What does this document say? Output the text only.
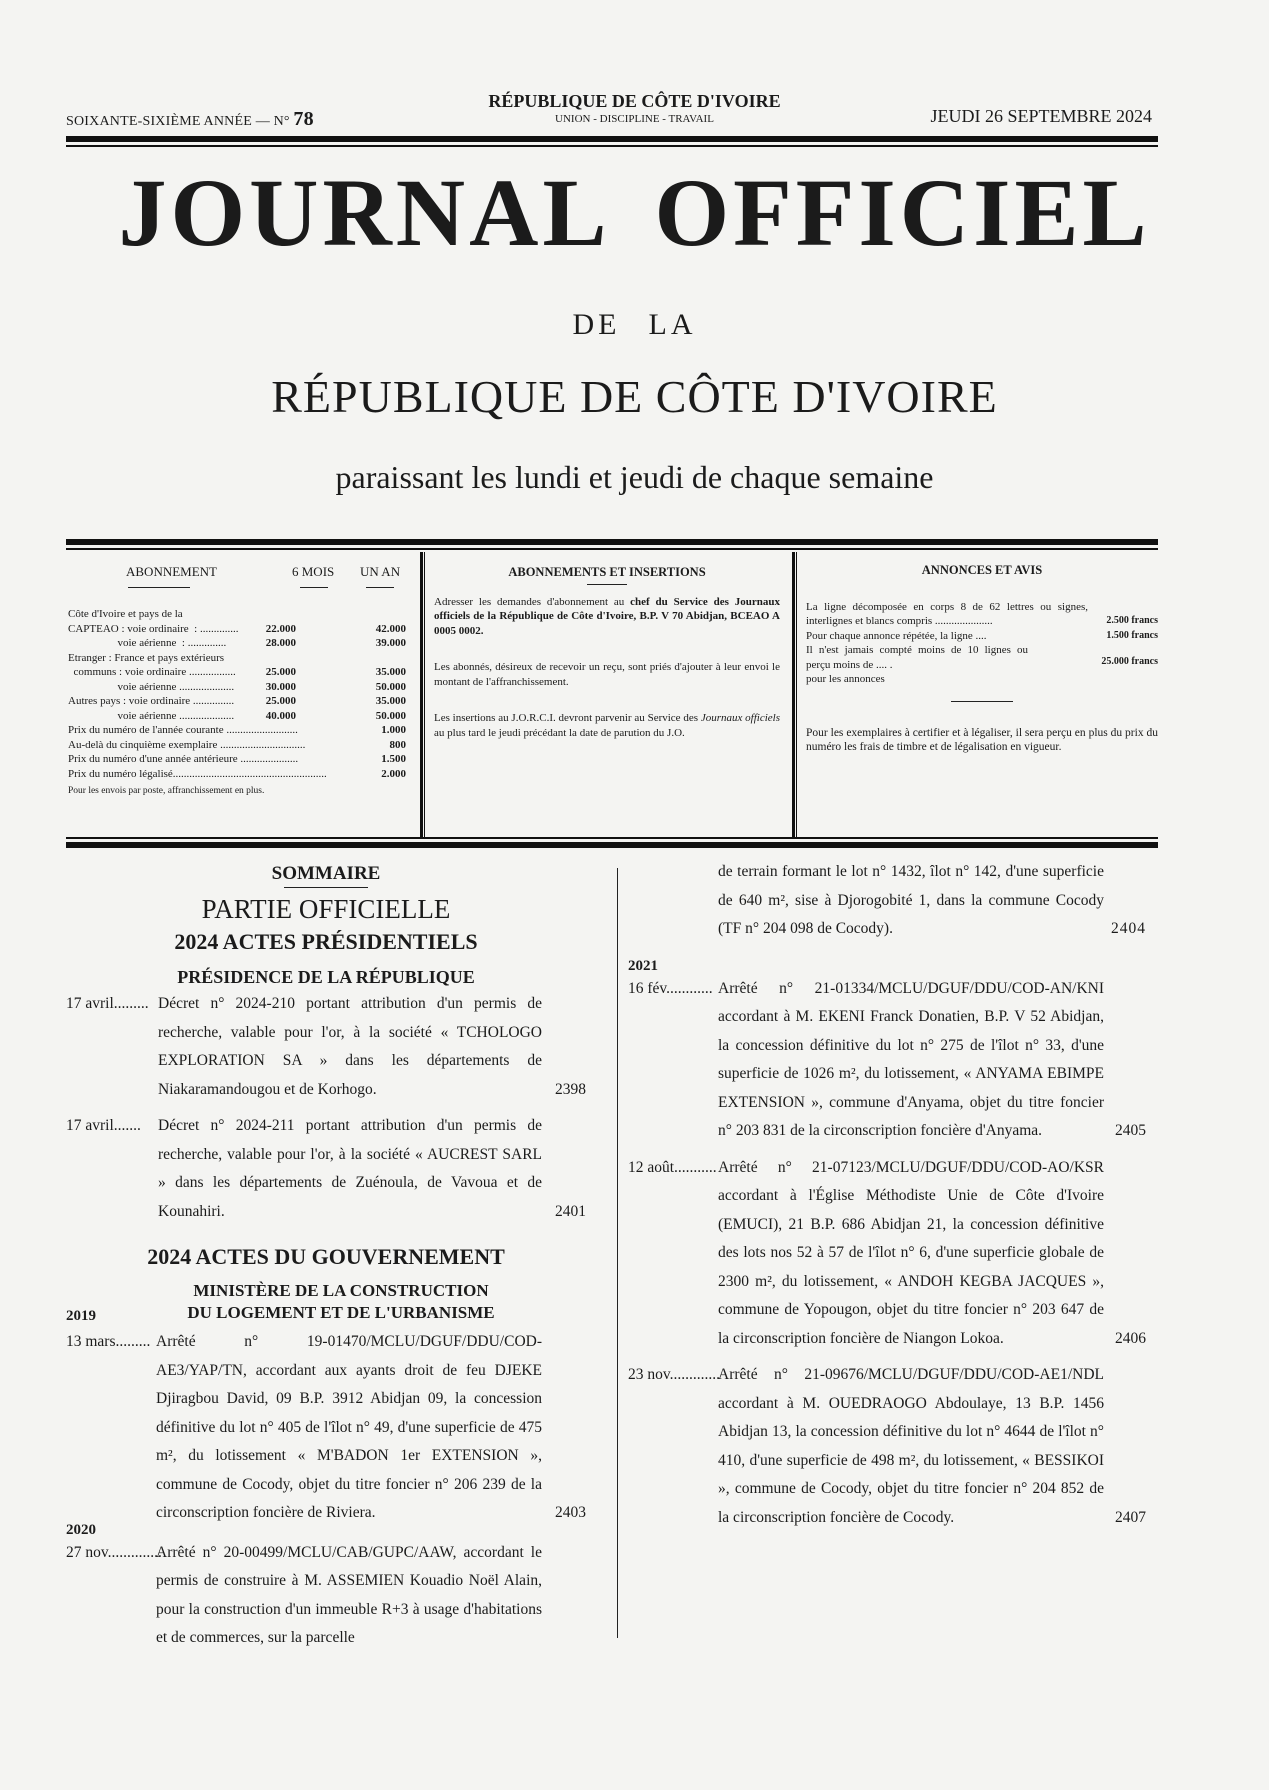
SOIXANTE-SIXIÈME ANNÉE — N° 78
RÉPUBLIQUE DE CÔTE D'IVOIRE
UNION - DISCIPLINE - TRAVAIL	JEUDI 26 SEPTEMBRE 2024
JOURNAL OFFICIEL
DE LA
RÉPUBLIQUE DE CÔTE D'IVOIRE
paraissant les lundi et jeudi de chaque semaine
ABONNEMENT	6 MOIS UN AN
Côte d'Ivoire et pays de la
CAPTEAO : voie ordinaire  : .............. 22.000	42.000
voie aérienne  : ..............	28.000	39.000
Etranger : France et pays extérieurs
communs : voie ordinaire .................	25.000	35.000
voie aérienne ....................	30.000	50.000
Autres pays : voie ordinaire ...............	25.000	35.000
voie aérienne ....................	40.000	50.000
Prix du numéro de l'année courante ..........................	1.000
Au-delà du cinquième exemplaire ...............................	800
Prix du numéro d'une année antérieure .....................	1.500
Prix du numéro légalisé........................................................	2.000
Pour les envois par poste, affranchissement en plus.
ABONNEMENTS ET INSERTIONS
Adresser les demandes d'abonnement au chef du Service des Journaux officiels de la République de Côte d'Ivoire, B.P. V 70 Abidjan, BCEAO A 0005 0002.
Les abonnés, désireux de recevoir un reçu, sont priés d'ajouter à leur envoi le montant de l'affranchissement.
Les insertions au J.O.R.C.I. devront parvenir au Service des Journaux officiels au plus tard le jeudi précédant la date de parution du J.O.
ANNONCES ET AVIS
La ligne décomposée en corps 8 de 62 lettres ou signes, interlignes et blancs compris .....................	2.500 francs
Pour chaque annonce répétée, la ligne ....	1.500 francs
Il n'est jamais compté moins de 10 lignes ou perçu moins de .... .	25.000 francs
pour les annonces
Pour les exemplaires à certifier et à légaliser, il sera perçu en plus du prix du numéro les frais de timbre et de légalisation en vigueur.
SOMMAIRE
PARTIE OFFICIELLE
2024 ACTES PRÉSIDENTIELS
PRÉSIDENCE DE LA RÉPUBLIQUE
17 avril......... Décret n° 2024-210 portant attribution d'un permis de recherche, valable pour l'or, à la société « TCHOLOGO EXPLORATION SA » dans les départements de Niakaramandougou et de Korhogo.	2398
17 avril.......	Décret n° 2024-211 portant attribution d'un permis de recherche, valable pour l'or, à la société « AUCREST SARL » dans les départements de Zuénoula, de Vavoua et de Kounahiri.	2401
2024 ACTES DU GOUVERNEMENT
MINISTÈRE DE LA CONSTRUCTION
DU LOGEMENT ET DE L'URBANISME
2019
13 mars......... Arrêté n° 19-01470/MCLU/DGUF/DDU/COD-AE3/YAP/TN, accordant aux ayants droit de feu DJEKE Djiragbou David, 09 B.P. 3912 Abidjan 09, la concession définitive du lot n° 405 de l'îlot n° 49, d'une superficie de 475 m², du lotissement « M'BADON 1er EXTENSION », commune de Cocody, objet du titre foncier n° 206 239 de la circonscription foncière de Riviera.	2403
2020
27 nov..............
Arrêté n° 20-00499/MCLU/CAB/GUPC/AAW, accordant le permis de construire à M. ASSEMIEN Kouadio Noël Alain, pour la construction d'un immeuble R+3 à usage d'habitations et de commerces, sur la parcelle
de terrain formant le lot n° 1432, îlot n° 142, d'une superficie de 640 m², sise à Djorogobité 1, dans la commune Cocody (TF n° 204 098 de Cocody).	2404
2021
16 fév............ Arrêté n° 21-01334/MCLU/DGUF/DDU/COD-AN/KNI accordant à M. EKENI Franck Donatien, B.P. V 52 Abidjan, la concession définitive du lot n° 275 de l'îlot n° 33, d'une superficie de 1026 m², du lotissement, « ANYAMA EBIMPE EXTENSION », commune d'Anyama, objet du titre foncier n° 203 831 de la circonscription foncière d'Anyama.	2405
12 août........... Arrêté n° 21-07123/MCLU/DGUF/DDU/COD-AO/KSR accordant à l'Église Méthodiste Unie de Côte d'Ivoire (EMUCI), 21 B.P. 686 Abidjan 21, la concession définitive des lots nos 52 à 57 de l'îlot n° 6, d'une superficie globale de 2300 m², du lotissement, « ANDOH KEGBA JACQUES », commune de Yopougon, objet du titre foncier n° 203 647 de la circonscription foncière de Niangon Lokoa.	2406
23 nov.............
Arrêté n° 21-09676/MCLU/DGUF/DDU/COD-AE1/NDL accordant à M. OUEDRAOGO Abdoulaye, 13 B.P. 1456 Abidjan 13, la concession définitive du lot n° 4644 de l'îlot n° 410, d'une superficie de 498 m², du lotissement, « BESSIKOI », commune de Cocody, objet du titre foncier n° 204 852 de la circonscription foncière de Cocody.	2407
